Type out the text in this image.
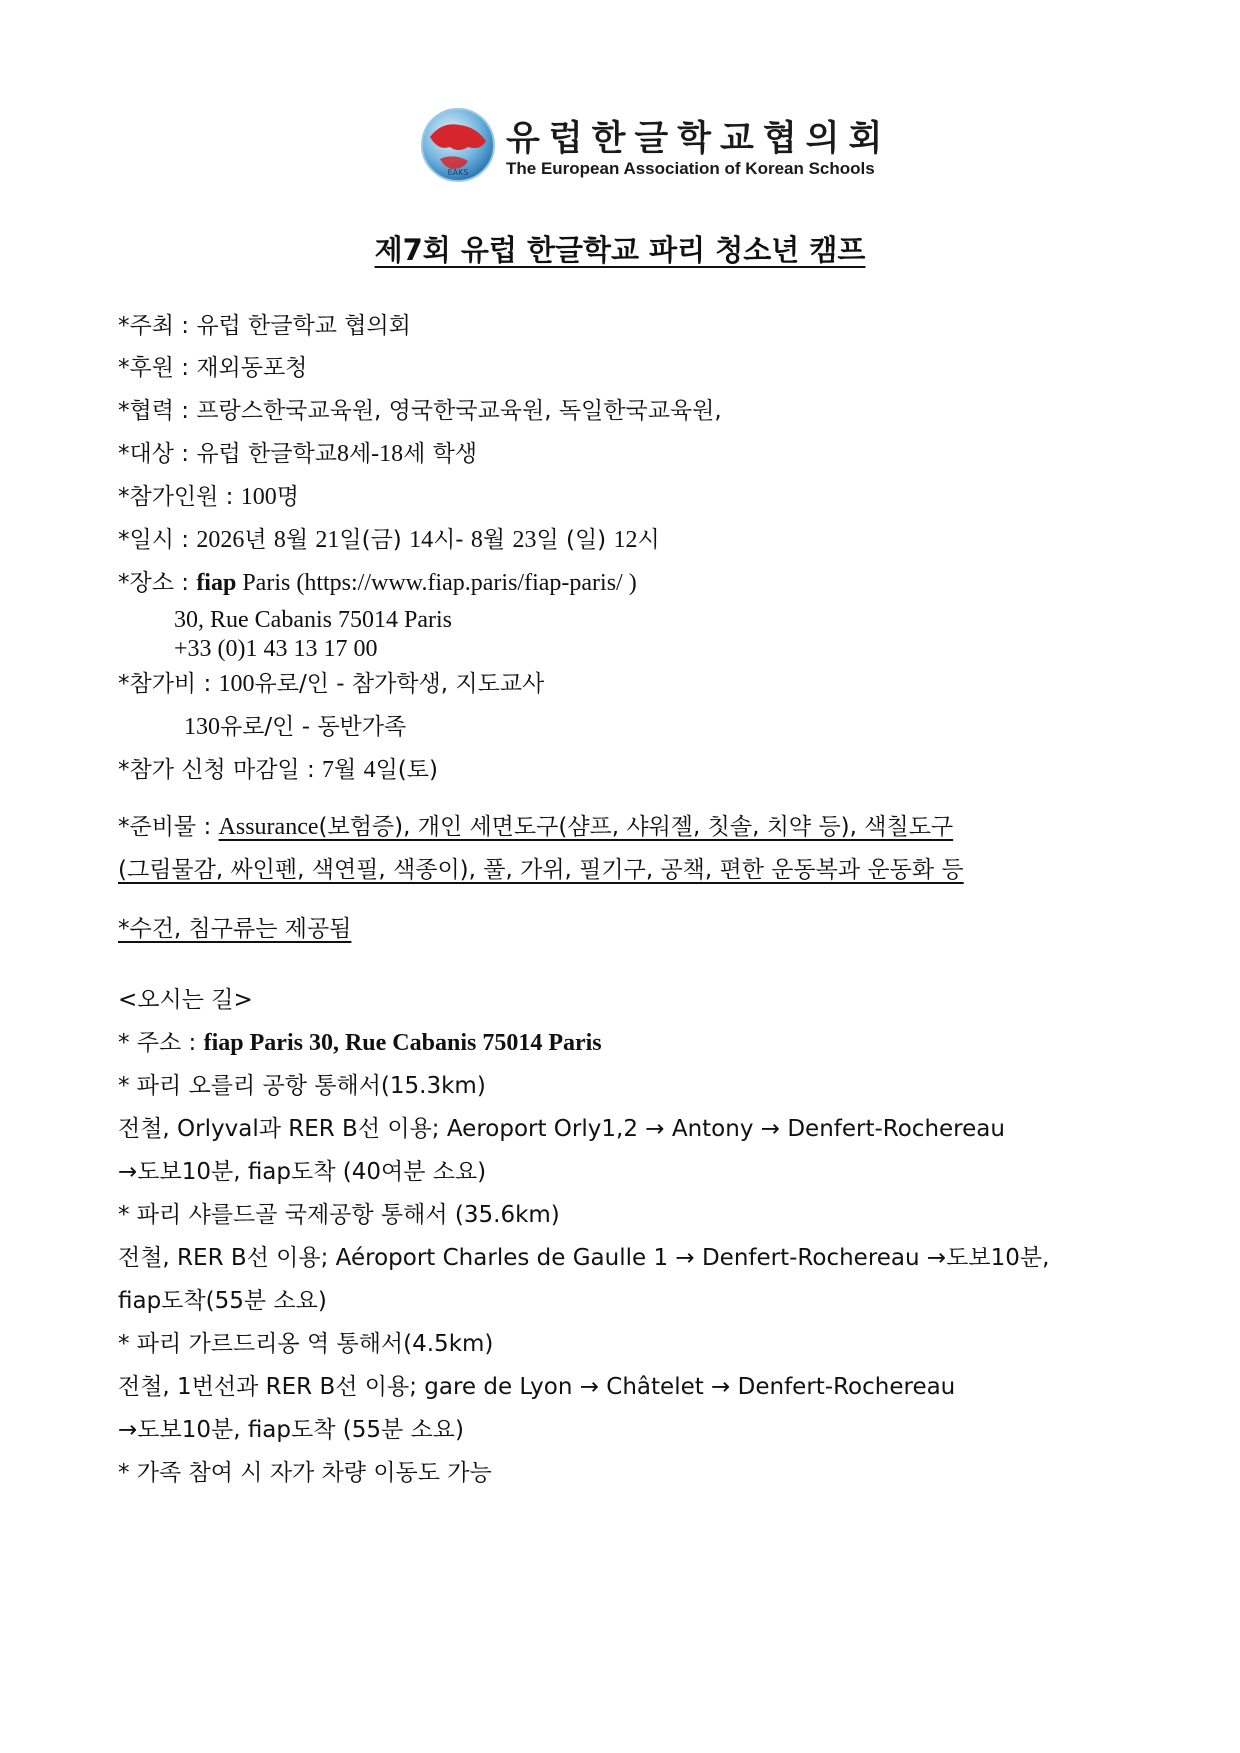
EAKS
유럽한글학교협의회
The European Association of Korean Schools
제7회 유럽 한글학교 파리 청소년 캠프
*주최 : 유럽 한글학교 협의회
*후원 : 재외동포청
*협력 : 프랑스한국교육원, 영국한국교육원, 독일한국교육원,
*대상 : 유럽 한글학교8세-18세 학생
*참가인원 : 100명
*일시 : 2026년 8월 21일(금) 14시- 8월 23일 (일) 12시
*장소 : fiap Paris (https://www.fiap.paris/fiap-paris/ )
30, Rue Cabanis 75014 Paris
+33 (0)1 43 13 17 00
*참가비 : 100유로/인 - 참가학생, 지도교사
130유로/인 - 동반가족
*참가 신청 마감일 : 7월 4일(토)
*준비물 : Assurance(보험증), 개인 세면도구(샴프, 샤워젤, 칫솔, 치약 등), 색칠도구
(그림물감, 싸인펜, 색연필, 색종이), 풀, 가위, 필기구, 공책, 편한 운동복과 운동화 등
*수건, 침구류는 제공됨
<오시는 길>
* 주소 : fiap Paris 30, Rue Cabanis 75014 Paris
* 파리 오를리 공항 통해서(15.3km)
전철, Orlyval과 RER B선 이용; Aeroport Orly1,2 → Antony → Denfert-Rochereau
→도보10분, fiap도착 (40여분 소요)
* 파리 샤를드골 국제공항 통해서 (35.6km)
전철, RER B선 이용; Aéroport Charles de Gaulle 1 → Denfert-Rochereau →도보10분,
fiap도착(55분 소요)
* 파리 가르드리옹 역 통해서(4.5km)
전철, 1번선과 RER B선 이용; gare de Lyon → Châtelet → Denfert-Rochereau
→도보10분, fiap도착 (55분 소요)
* 가족 참여 시 자가 차량 이동도 가능
